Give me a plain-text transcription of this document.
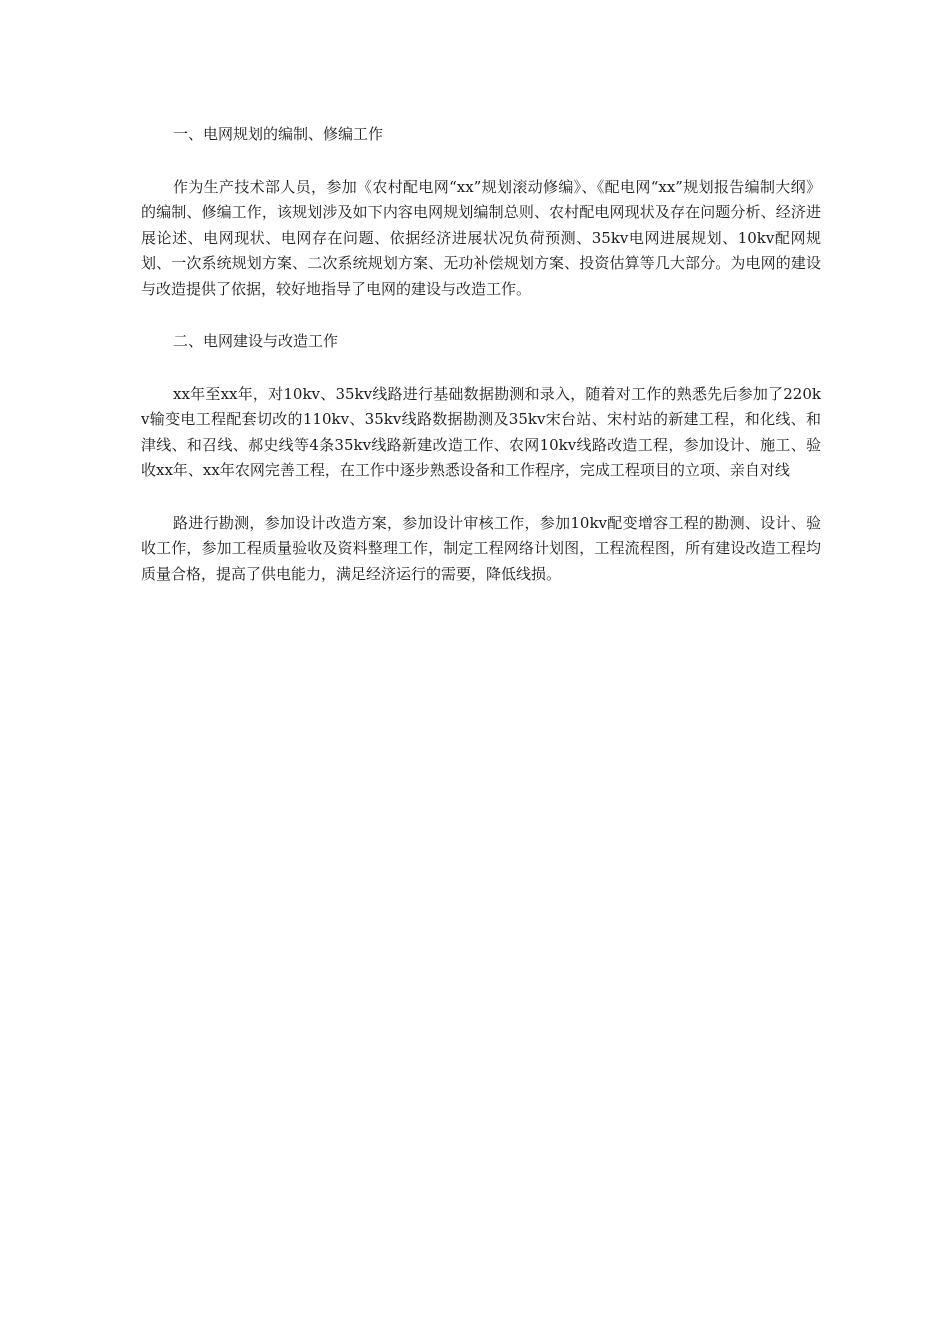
一、电网规划的编制、修编工作

作为生产技术部人员，参加《农村配电网“xx”规划滚动修编》、《配电网“xx”规划报告编制大纲》的编制、修编工作，该规划涉及如下内容电网规划编制总则、农村配电网现状及存在问题分析、经济进展论述、电网现状、电网存在问题、依据经济进展状况负荷预测、35kv电网进展规划、10kv配网规划、一次系统规划方案、二次系统规划方案、无功补偿规划方案、投资估算等几大部分。为电网的建设与改造提供了依据，较好地指导了电网的建设与改造工作。

二、电网建设与改造工作

xx年至xx年，对10kv、35kv线路进行基础数据勘测和录入，随着对工作的熟悉先后参加了220kv输变电工程配套切改的110kv、35kv线路数据勘测及35kv宋台站、宋村站的新建工程，和化线、和津线、和召线、郝史线等4条35kv线路新建改造工作、农网10kv线路改造工程，参加设计、施工、验收xx年、xx年农网完善工程，在工作中逐步熟悉设备和工作程序，完成工程项目的立项、亲自对线

路进行勘测，参加设计改造方案，参加设计审核工作，参加10kv配变增容工程的勘测、设计、验收工作，参加工程质量验收及资料整理工作，制定工程网络计划图，工程流程图，所有建设改造工程均质量合格，提高了供电能力，满足经济运行的需要，降低线损。
